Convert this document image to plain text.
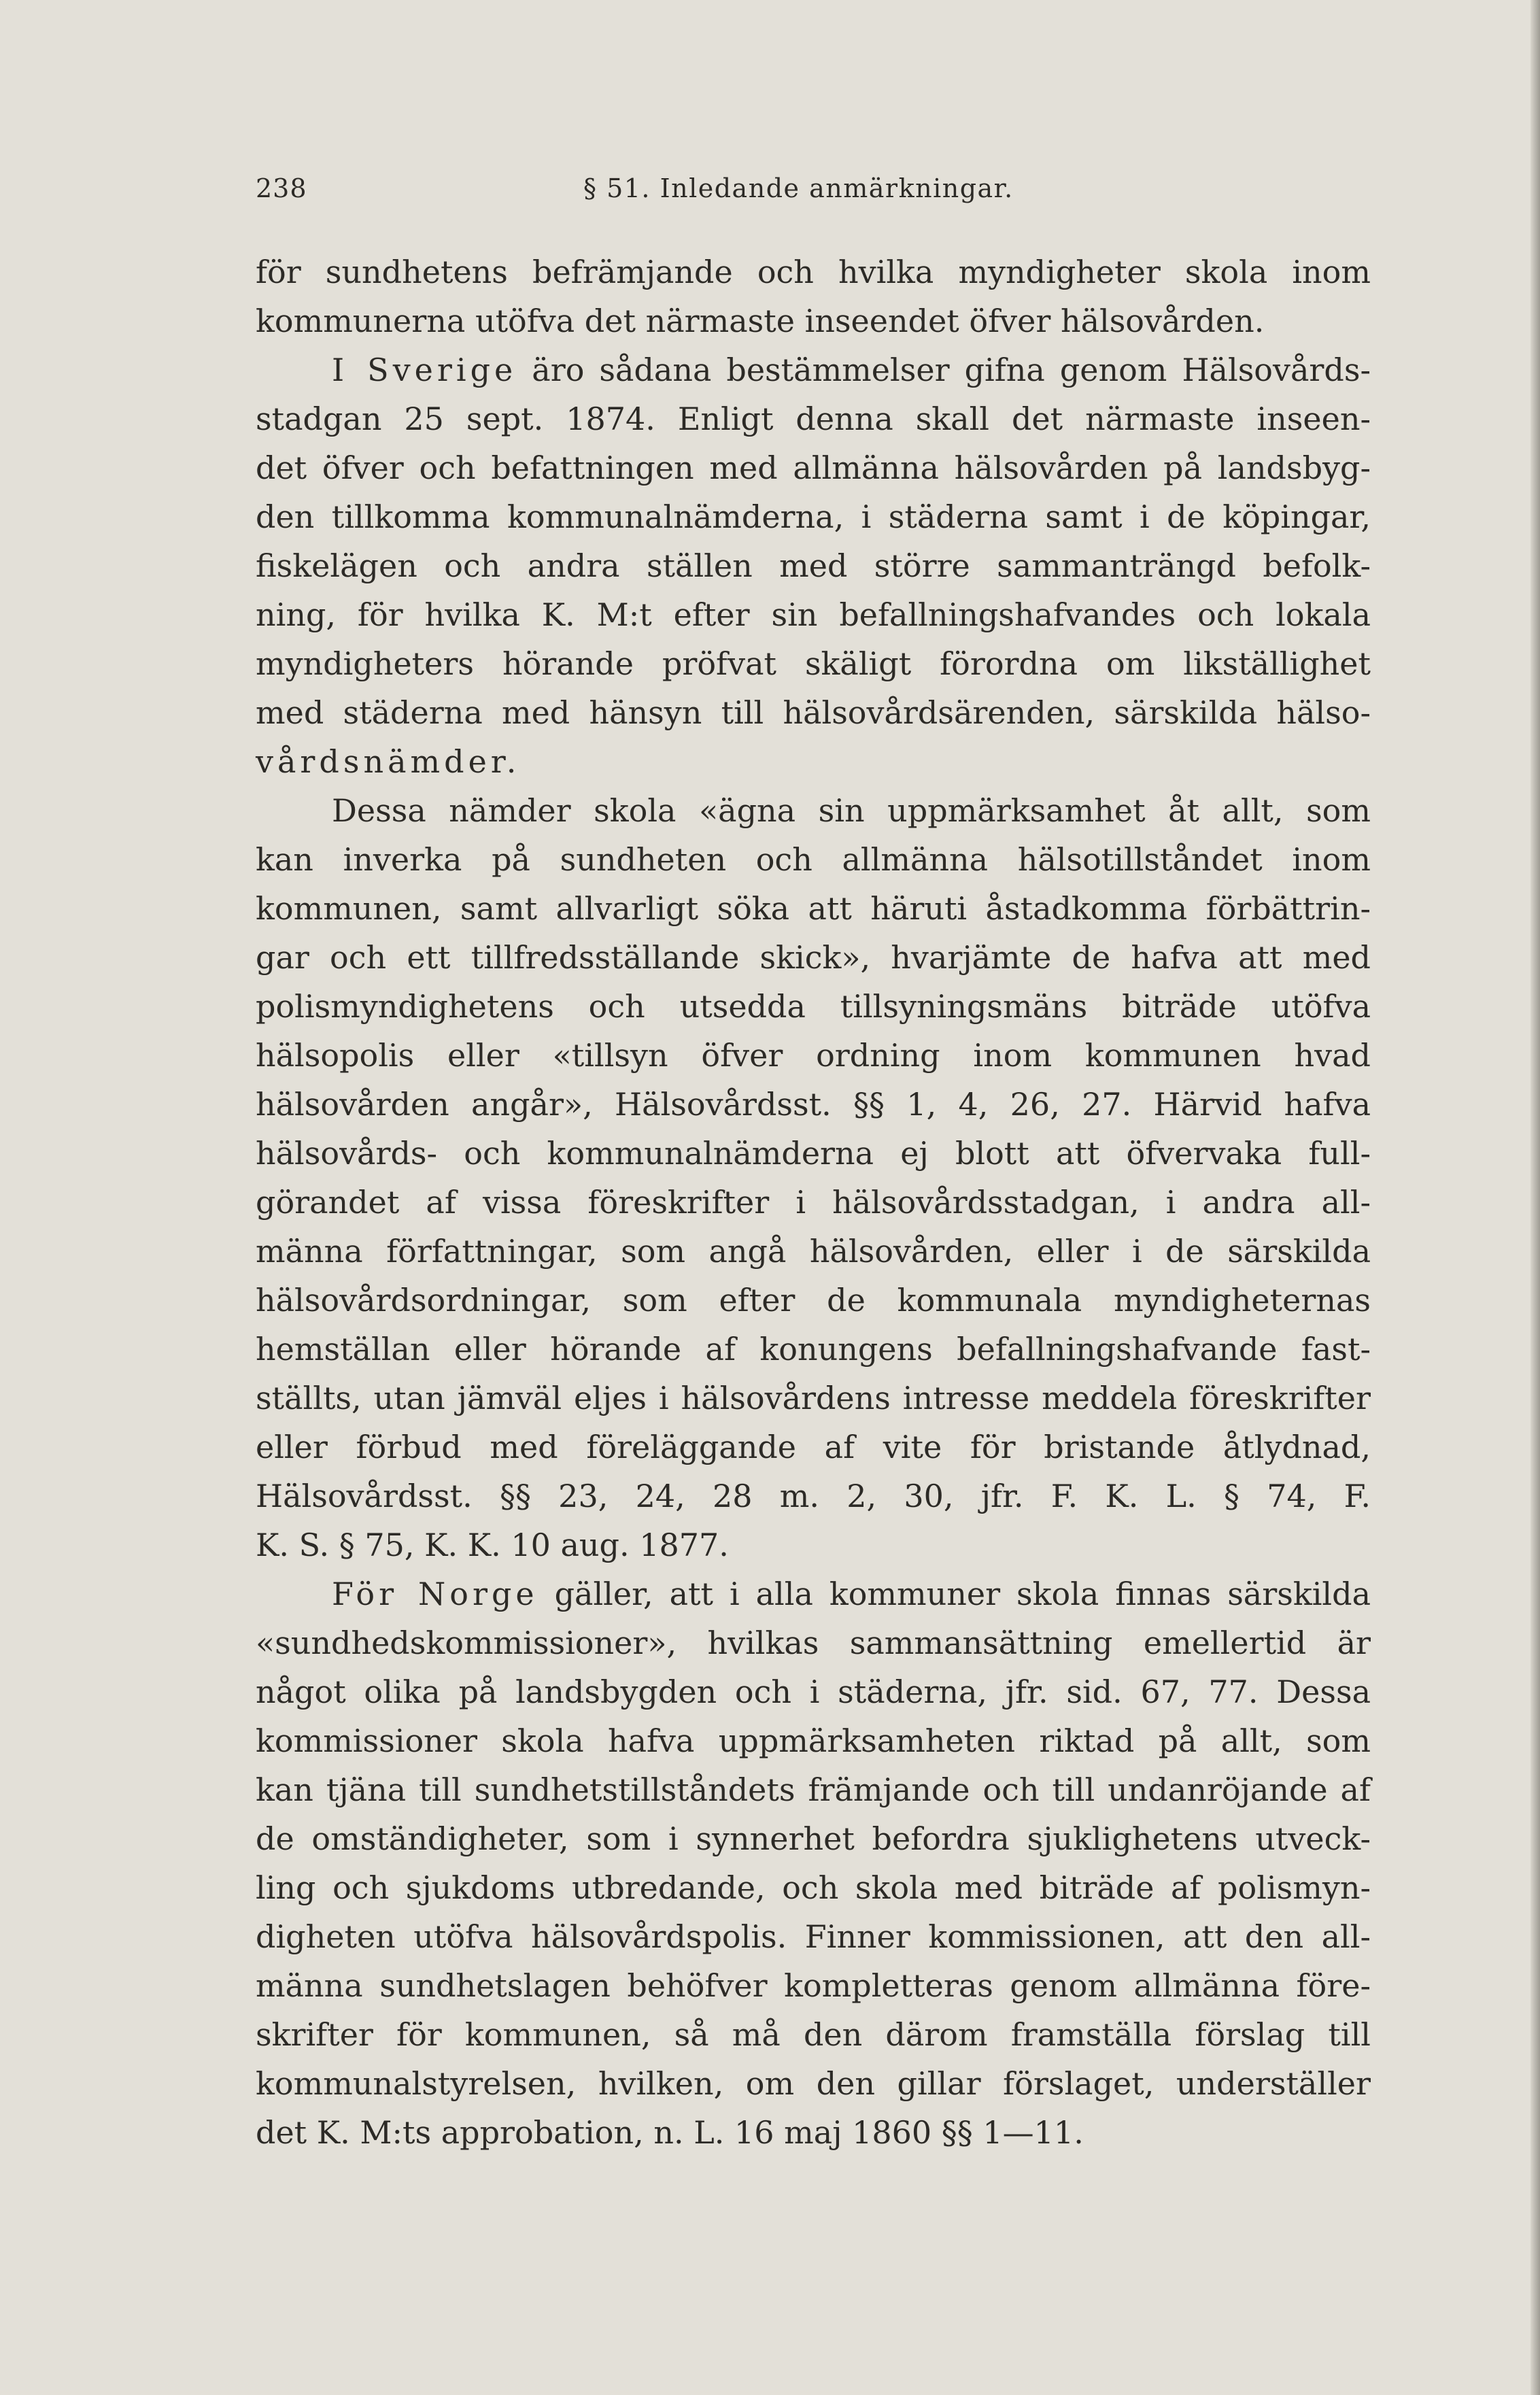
238	§ 51. Inledande anmärkningar.
för sundhetens befrämjande och hvilka myndigheter skola inom
kommunerna utöfva det närmaste inseendet öfver hälsovården.
I Sverige äro sådana bestämmelser gifna genom Hälsovårds-
stadgan 25 sept. 1874. Enligt denna skall det närmaste inseen-
det öfver och befattningen med allmänna hälsovården på landsbyg-
den tillkomma kommunalnämderna, i städerna samt i de köpingar,
fiskelägen och andra ställen med större sammanträngd befolk-
ning, för hvilka K. M:t efter sin befallningshafvandes och lokala
myndigheters hörande pröfvat skäligt förordna om likställighet
med städerna med hänsyn till hälsovårdsärenden, särskilda hälso-
vårdsnämder.
Dessa nämder skola «ägna sin uppmärksamhet åt allt, som
kan inverka på sundheten och allmänna hälsotillståndet inom
kommunen, samt allvarligt söka att häruti åstadkomma förbättrin-
gar och ett tillfredsställande skick», hvarjämte de hafva att med
polismyndighetens och utsedda tillsyningsmäns biträde utöfva
hälsopolis eller «tillsyn öfver ordning inom kommunen hvad
hälsovården angår», Hälsovårdsst. §§ 1, 4, 26, 27. Härvid hafva
hälsovårds- och kommunalnämderna ej blott att öfvervaka full-
görandet af vissa föreskrifter i hälsovårdsstadgan, i andra all-
männa författningar, som angå hälsovården, eller i de särskilda
hälsovårdsordningar, som efter de kommunala myndigheternas
hemställan eller hörande af konungens befallningshafvande fast-
ställts, utan jämväl eljes i hälsovårdens intresse meddela föreskrifter
eller förbud med föreläggande af vite för bristande åtlydnad,
Hälsovårdsst. §§ 23, 24, 28 m. 2, 30, jfr. F. K. L. § 74, F.
K. S. § 75, K. K. 10 aug. 1877.
För Norge gäller, att i alla kommuner skola finnas särskilda
«sundhedskommissioner», hvilkas sammansättning emellertid är
något olika på landsbygden och i städerna, jfr. sid. 67, 77. Dessa
kommissioner skola hafva uppmärksamheten riktad på allt, som
kan tjäna till sundhetstillståndets främjande och till undanröjande af
de omständigheter, som i synnerhet befordra sjuklighetens utveck-
ling och sjukdoms utbredande, och skola med biträde af polismyn-
digheten utöfva hälsovårdspolis. Finner kommissionen, att den all-
männa sundhetslagen behöfver kompletteras genom allmänna före-
skrifter för kommunen, så må den därom framställa förslag till
kommunalstyrelsen, hvilken, om den gillar förslaget, underställer
det K. M:ts approbation, n. L. 16 maj 1860 §§ 1—11.
